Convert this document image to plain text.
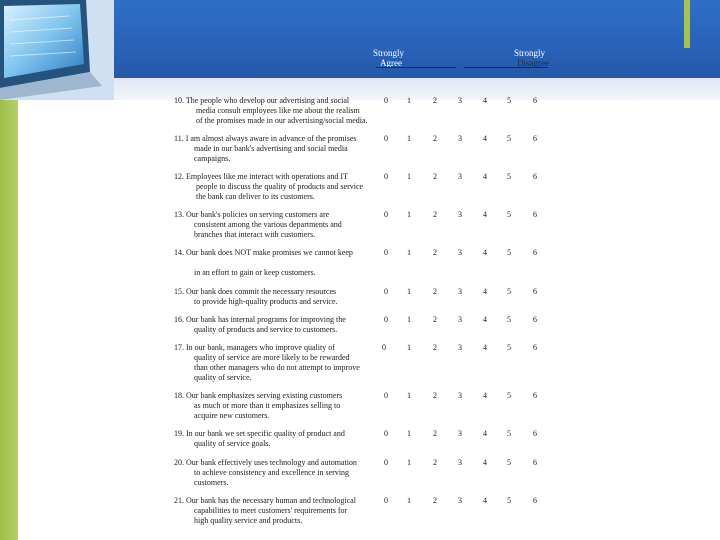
Strongly
Agree
Strongly
Disagree
10. The people who develop our advertising and social
media consult employees like me about the realism
of the promises made in our advertising/social media.
0	1	2	3	4	5	6
11. I am almost always aware in advance of the promises
made in our bank's advertising and social media
campaigns.
0	1	2	3	4	5	6
12. Employees like me interact with operations and IT
people to discuss the quality of products and service
the bank can deliver to its customers.
0	1	2	3	4	5	6
13. Our bank's policies on serving customers are
consistent among the various departments and
branches that interact with customers.
0	1	2	3	4	5	6
14. Our bank does NOT make promises we cannot keep

in an effort to gain or keep customers.
0	1	2	3	4	5	6
15. Our bank does commit the necessary resources
to provide high-quality products and service.
0	1	2	3	4	5	6
16. Our bank has internal programs for improving the
quality of products and service to customers.
0	1	2	3	4	5	6
17. In our bank, managers who improve quality of
quality of service are more likely to be rewarded
than other managers who do not attempt to improve
quality of service.
0	1	2	3	4	5	6
18. Our bank emphasizes serving existing customers
as much or more than it emphasizes selling to
acquire new customers.
0	1	2	3	4	5	6
19. In our bank we set specific quality of product and
quality of service goals.
0	1	2	3	4	5	6
20. Our bank effectively uses technology and automation
to achieve consistency and excellence in serving
customers.
0	1	2	3	4	5	6
21. Our bank has the necessary human and technological
capabilities to meet customers' requirements for
high quality service and products.
0	1	2	3	4	5	6
